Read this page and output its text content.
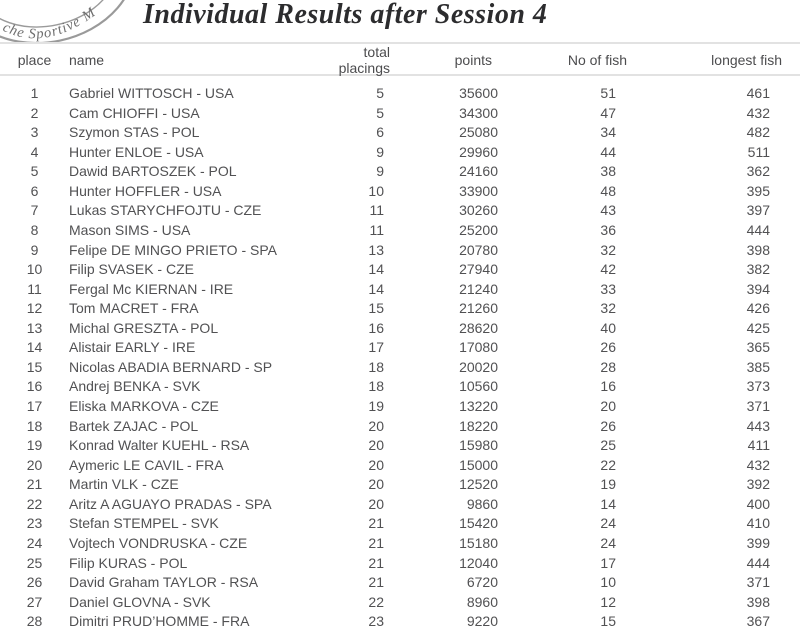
che Sportive M Individual Results after Session 4
place	name	total placings	points	No of fish	longest fish
1	Gabriel WITTOSCH - USA	5	35600	51	461
2	Cam CHIOFFI - USA	5	34300	47	432
3	Szymon STAS - POL	6	25080	34	482
4	Hunter ENLOE - USA	9	29960	44	511
5	Dawid BARTOSZEK - POL	9	24160	38	362
6	Hunter HOFFLER - USA	10	33900	48	395
7	Lukas STARYCHFOJTU - CZE	11	30260	43	397
8	Mason SIMS - USA	11	25200	36	444
9	Felipe DE MINGO PRIETO - SPA	13	20780	32	398
10	Filip SVASEK - CZE	14	27940	42	382
11	Fergal Mc KIERNAN - IRE	14	21240	33	394
12	Tom MACRET - FRA	15	21260	32	426
13	Michal GRESZTA - POL	16	28620	40	425
14	Alistair EARLY - IRE	17	17080	26	365
15	Nicolas ABADIA BERNARD - SP	18	20020	28	385
16	Andrej BENKA - SVK	18	10560	16	373
17	Eliska MARKOVA - CZE	19	13220	20	371
18	Bartek ZAJAC - POL	20	18220	26	443
19	Konrad Walter KUEHL - RSA	20	15980	25	411
20	Aymeric LE CAVIL - FRA	20	15000	22	432
21	Martin VLK - CZE	20	12520	19	392
22	Aritz A AGUAYO PRADAS - SPA	20	9860	14	400
23	Stefan STEMPEL - SVK	21	15420	24	410
24	Vojtech VONDRUSKA - CZE	21	15180	24	399
25	Filip KURAS - POL	21	12040	17	444
26	David Graham TAYLOR - RSA	21	6720	10	371
27	Daniel GLOVNA - SVK	22	8960	12	398
28	Dimitri PRUD’HOMME - FRA	23	9220	15	367
